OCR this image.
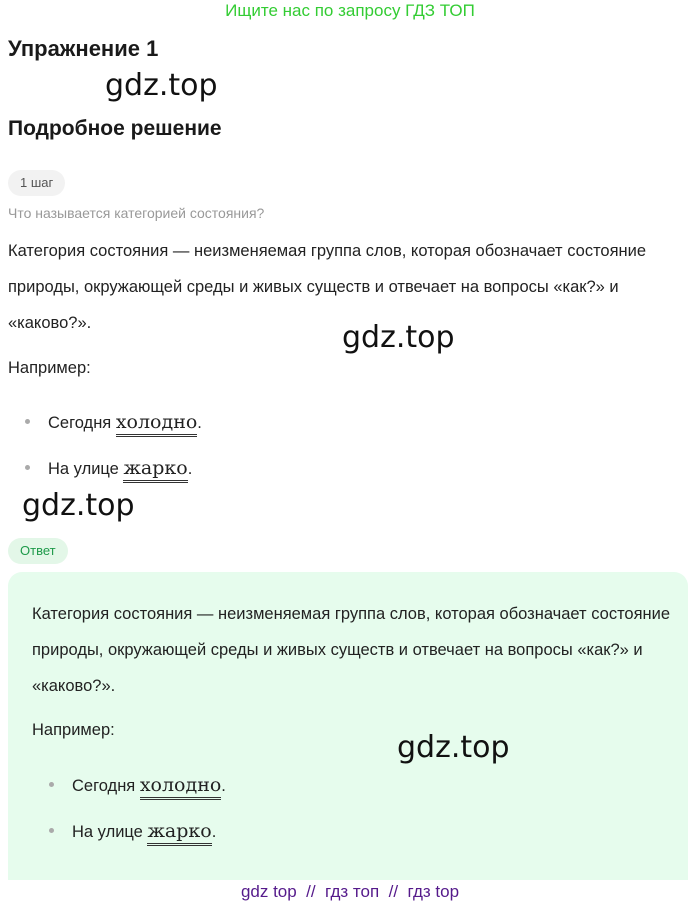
Ищите нас по запросу ГДЗ ТОП
Упражнение 1
gdz.top
Подробное решение
1 шаг
Что называется категорией состояния?

Категория состояния — неизменяемая группа слов, которая обозначает состояние природы, окружающей среды и живых существ и отвечает на вопросы «как?» и «каково?».	gdz.top

Например:

Сегодня холодно.
На улице жарко.
gdz.top
Ответ

Категория состояния — неизменяемая группа слов, которая обозначает состояние природы, окружающей среды и живых существ и отвечает на вопросы «как?» и «каково?».

Например:	gdz.top
Сегодня холодно.
На улице жарко.
gdz top  //  гдз топ  //  гдз top
